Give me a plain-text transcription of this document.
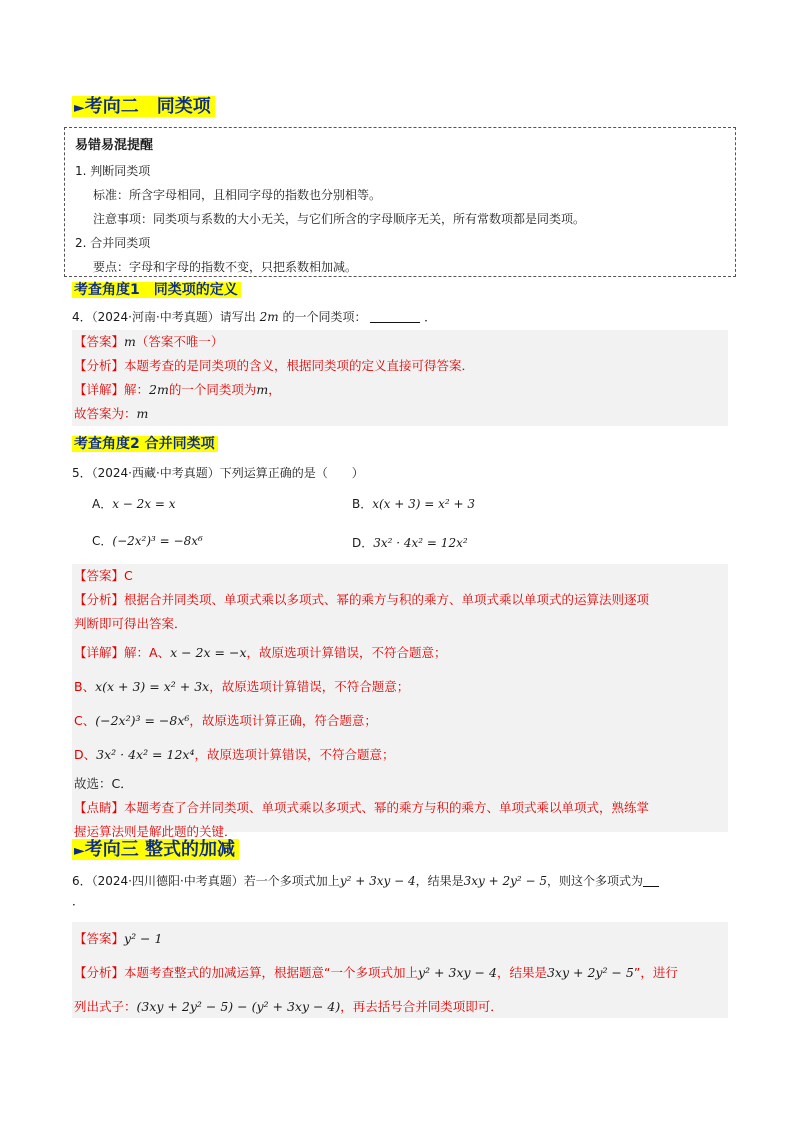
►考向二　同类项
易错易混提醒
1. 判断同类项
标准：所含字母相同，且相同字母的指数也分别相等。
注意事项：同类项与系数的大小无关，与它们所含的字母顺序无关，所有常数项都是同类项。
2. 合并同类项
要点：字母和字母的指数不变，只把系数相加减。
考查角度1　同类项的定义
4．（2024·河南·中考真题）请写出 2m 的一个同类项：	．
【答案】m（答案不唯一）
【分析】本题考查的是同类项的含义，根据同类项的定义直接可得答案．
【详解】解：2m的一个同类项为m，
故答案为：m
考查角度2 合并同类项
5．（2024·西藏·中考真题）下列运算正确的是（　　）
A．x − 2x = x	B．x(x + 3) = x² + 3
C．(−2x²)³ = −8x⁶	D．3x² · 4x² = 12x²
【答案】C
【分析】根据合并同类项、单项式乘以多项式、幂的乘方与积的乘方、单项式乘以单项式的运算法则逐项
判断即可得出答案．
【详解】解：A、x − 2x = −x，故原选项计算错误，不符合题意；
B、x(x + 3) = x² + 3x，故原选项计算错误，不符合题意；
C、(−2x²)³ = −8x⁶，故原选项计算正确，符合题意；
D、3x² · 4x² = 12x⁴，故原选项计算错误，不符合题意；
故选：C．
【点睛】本题考查了合并同类项、单项式乘以多项式、幂的乘方与积的乘方、单项式乘以单项式，熟练掌
握运算法则是解此题的关键．
►考向三 整式的加减
6．（2024·四川德阳·中考真题）若一个多项式加上y² + 3xy − 4，结果是3xy + 2y² − 5，则这个多项式为
．
【答案】y² − 1
【分析】本题考查整式的加减运算，根据题意“一个多项式加上y² + 3xy − 4，结果是3xy + 2y² − 5”，进行
列出式子：(3xy + 2y² − 5) − (y² + 3xy − 4)，再去括号合并同类项即可．
